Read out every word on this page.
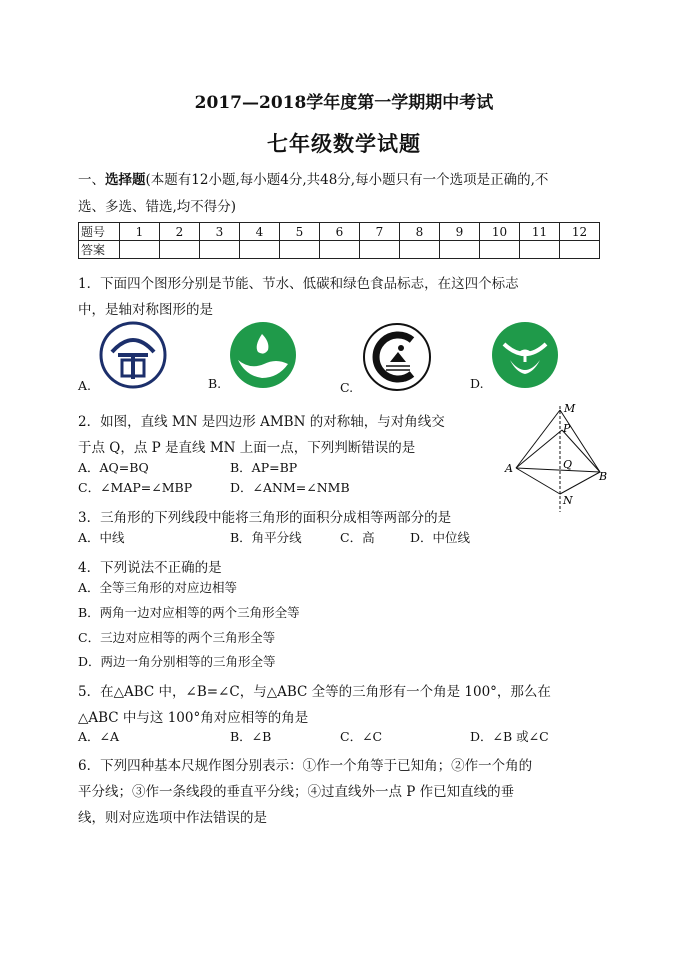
2017—2018学年度第一学期期中考试
七年级数学试题
一、选择题(本题有12小题,每小题4分,共48分,每小题只有一个选项是正确的,不
选、多选、错选,均不得分)
题号	1	2	3	4	5	6	7	8	9	10	11	12
答案												
1．下面四个图形分别是节能、节水、低碳和绿色食品标志，在这四个标志
中，是轴对称图形的是
A.	B.	C.	D.
2．如图，直线 MN 是四边形 AMBN 的对称轴，与对角线交
于点 Q，点 P 是直线 MN 上面一点，下列判断错误的是
A．AQ=BQ	B．AP=BP
C．∠MAP=∠MBP	D．∠ANM=∠NMB
M
P
A	Q
B
N
3．三角形的下列线段中能将三角形的面积分成相等两部分的是
A．中线	B．角平分线	C．高	D．中位线
4．下列说法不正确的是
A．全等三角形的对应边相等
B．两角一边对应相等的两个三角形全等
C．三边对应相等的两个三角形全等
D．两边一角分别相等的三角形全等
5．在△ABC 中，∠B=∠C，与△ABC 全等的三角形有一个角是 100°，那么在
△ABC 中与这 100°角对应相等的角是
A．∠A	B．∠B	C．∠C	D．∠B 或∠C
6．下列四种基本尺规作图分别表示：①作一个角等于已知角；②作一个角的
平分线；③作一条线段的垂直平分线；④过直线外一点 P 作已知直线的垂
线，则对应选项中作法错误的是
